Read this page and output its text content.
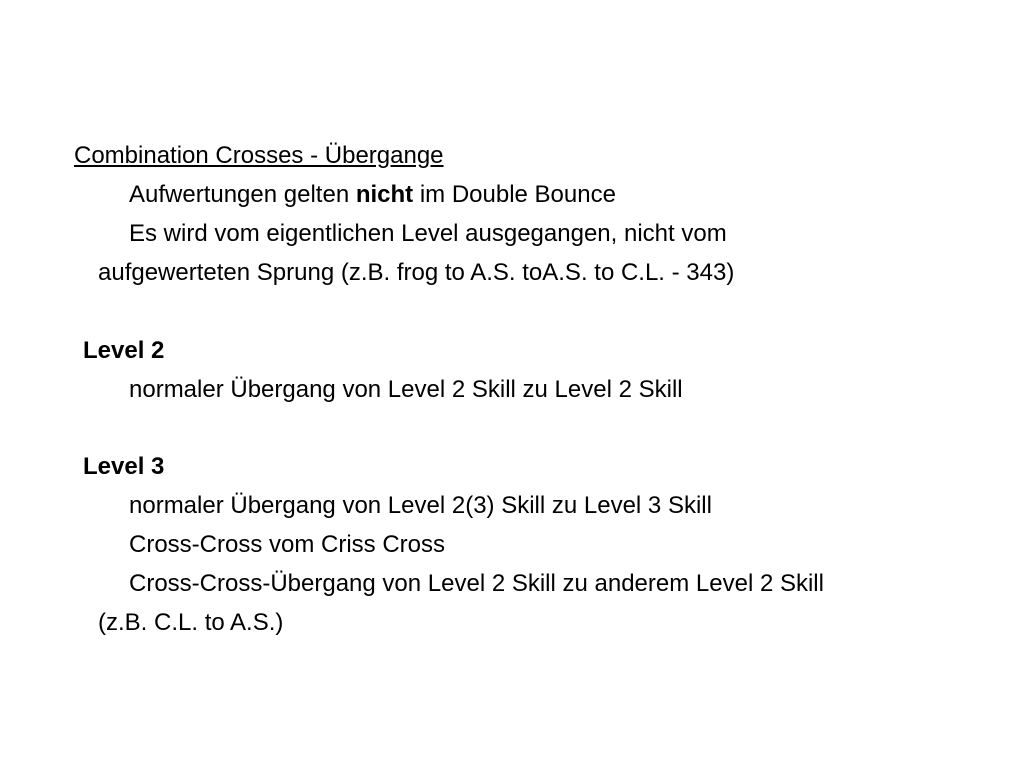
Combination Crosses - Übergange
Aufwertungen gelten nicht im Double Bounce
Es wird vom eigentlichen Level ausgegangen, nicht vom
aufgewerteten Sprung (z.B. frog to A.S. toA.S. to C.L. - 343)
Level 2
normaler Übergang von Level 2 Skill zu Level 2 Skill
Level 3
normaler Übergang von Level 2(3) Skill zu Level 3 Skill
Cross-Cross vom Criss Cross
Cross-Cross-Übergang von Level 2 Skill zu anderem Level 2 Skill
(z.B. C.L. to A.S.)
